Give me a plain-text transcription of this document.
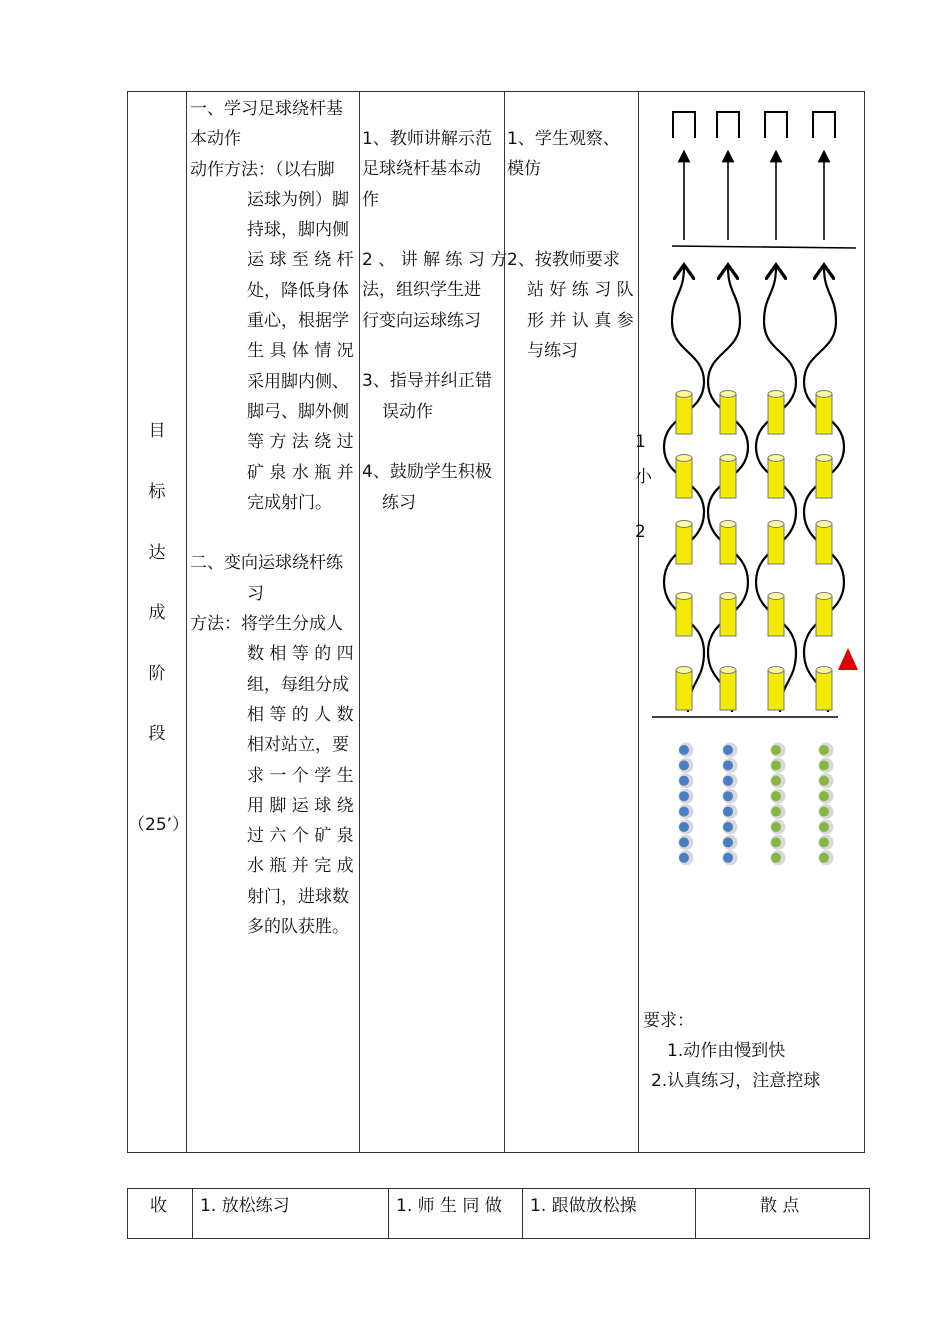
目
标
达
成
阶
段
（25’）
一、学习足球绕杆基
本动作
动作方法：（以右脚
运球为例）脚
持球，脚内侧
运 球 至 绕 杆
处，降低身体
重心，根据学
生 具 体 情 况
采用脚内侧、
脚弓、脚外侧
等 方 法 绕 过
矿 泉 水 瓶 并
完成射门。

二、变向运球绕杆练
习
方法：将学生分成人
数 相 等 的 四
组，每组分成
相 等 的 人 数
相对站立，要
求 一 个 学 生
用 脚 运 球 绕
过 六 个 矿 泉
水 瓶 并 完 成
射门，进球数
多的队获胜。
1、教师讲解示范
足球绕杆基本动
作

2 、 讲 解 练 习 方
法，组织学生进
行变向运球练习

3、指导并纠正错
误动作

4、鼓励学生积极
练习
1、学生观察、
模仿

2、按教师要求
站 好 练 习 队
形 并 认 真 参
与练习
1
小
2
要求：
1.动作由慢到快
2.认真练习，注意控球
收 1. 放松练习	1. 师 生 同 做 1. 跟做放松操	散 点
